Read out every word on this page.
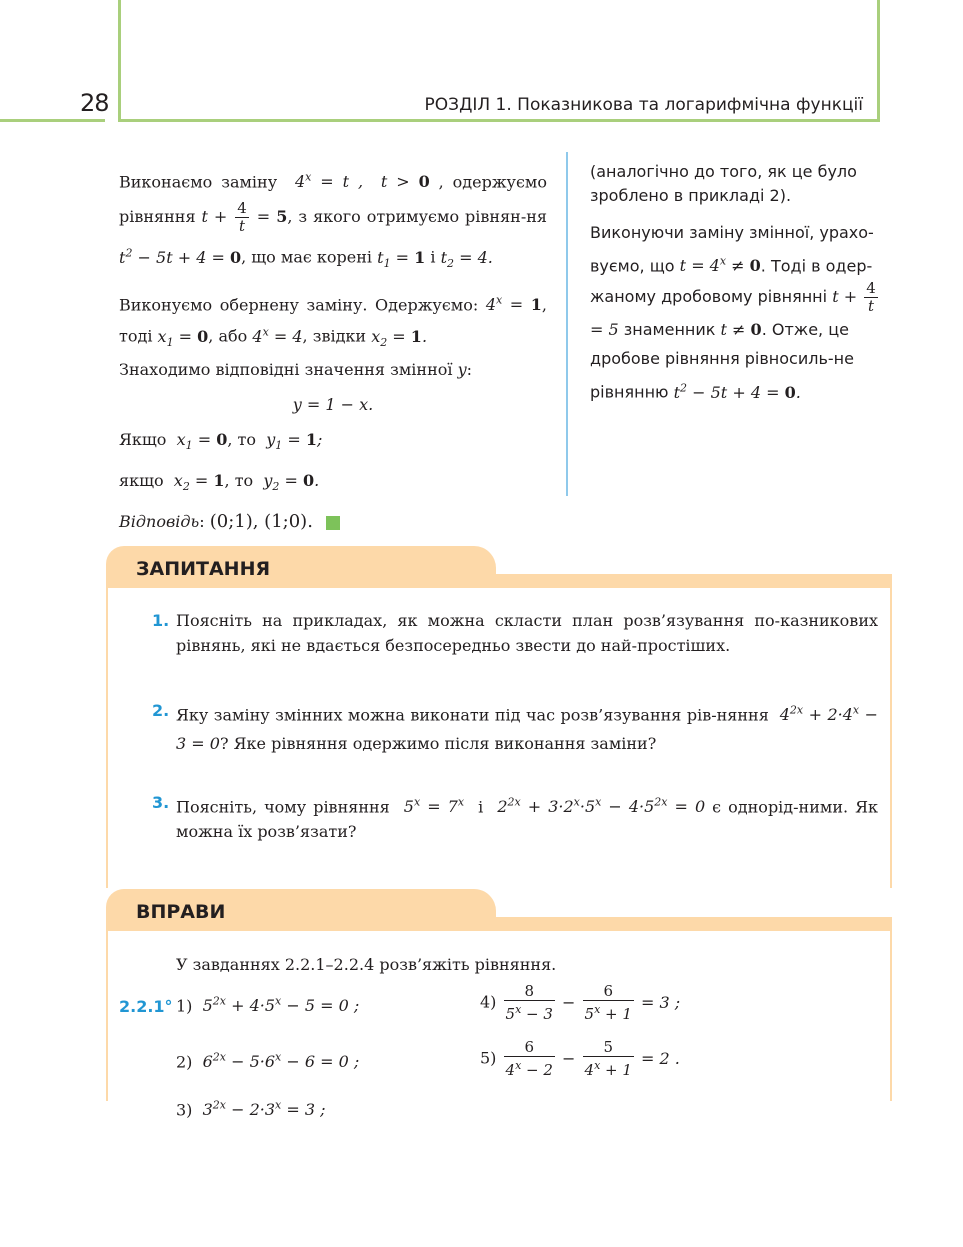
28	РОЗДІЛ 1. Показникова та логарифмічна функції

Виконаємо заміну  $4^x = t$ ,  t > 0 , одержуємо рівняння $t + \frac{4}{t} = 5$, з якого отримуємо рівнян-ня $t^2 - 5t + 4 = 0$, що має корені $t_1 = 1$ і $t_2 = 4$.

Виконуємо обернену заміну. Одержуємо: $4^x = 1$, тоді $x_1 = 0$, або $4^x = 4$, звідки $x_2 = 1$.
Знаходимо відповідні значення змінної y:

y = 1 − x.

Якщо  $x_1 = 0$, то  $y_1 = 1$;

якщо  $x_2 = 1$, то  $y_2 = 0$.

Відповідь: (0;1), (1;0).

(аналогічно до того, як це було зроблено в прикладі 2).

Виконуючи заміну змінної, урахо-вуємо, що $t = 4^x \ne 0$. Тоді в одер-жаному дробовому рівнянні $t + \frac{4}{t}$
= 5 знаменник t ≠ 0. Отже, це дробове рівняння рівносиль-не рівнянню $t^2 - 5t + 4 = 0$.

ЗАПИТАННЯ
1. Поясніть на прикладах, як можна скласти план розв’язування по-казникових рівнянь, які не вдається безпосередньо звести до най-простіших.
2. Яку заміну змінних можна виконати під час розв’язування рів-няння  $4^{2x} + 2\cdot 4^x - 3 = 0$? Яке рівняння одержимо після виконання заміни?
3. Поясніть, чому рівняння  $5^x = 7^x$ і $2^{2x} + 3\cdot 2^x\cdot 5^x - 4\cdot 5^{2x} = 0$ є однорід-ними. Як можна їх розв’язати?
ВПРАВИ
У завданнях 2.2.1–2.2.4 розв’яжіть рівняння.
2.2.1° 1)  $5^{2x} + 4\cdot 5^x - 5 = 0$ ;
2)  $6^{2x} - 5\cdot 6^x - 6 = 0$ ;
3)  $3^{2x} - 2\cdot 3^x = 3$ ;
$4) \frac{8}{5^x - 3} - \frac{6}{5^x + 1} = 3$ ;
$5) \frac{6}{4^x - 2} - \frac{5}{4^x + 1} = 2$ .
